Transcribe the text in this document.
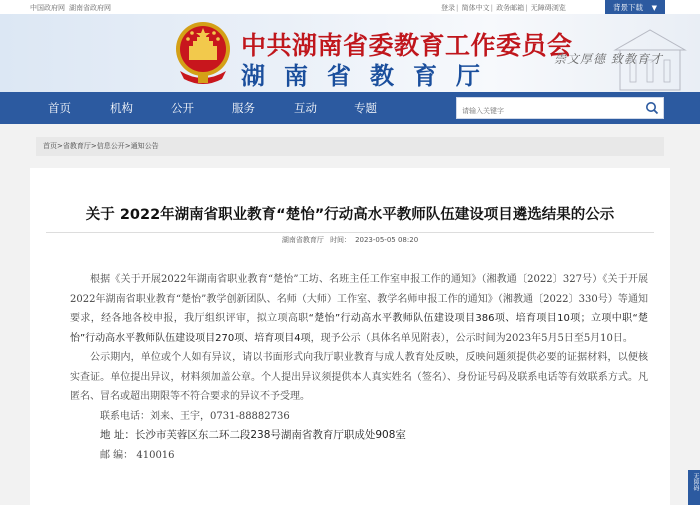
中国政府网 湖南省政府网	登录| 简体中文| 政务邮箱| 无障碍浏览	背景下载 ▼
中共湖南省委教育工作委员会
湖南省教育厅
崇文厚德 致教育才
首页	机构	公开	服务	互动	专题
请输入关键字
首页>省教育厅>信息公开>通知公告
关于 2022年湖南省职业教育“楚怡”行动高水平教师队伍建设项目遴选结果的公示
湖南省教育厅 时间： 2023-05-05 08:20

根据《关于开展2022年湖南省职业教育“楚怡”工坊、名班主任工作室申报工作的通知》（湘教通〔2022〕327号）《关于开展2022年湖南省职业教育“楚怡”教学创新团队、名师（大师）工作室、教学名师申报工作的通知》（湘教通〔2022〕330号）等通知要求，经各地各校申报，我厅组织评审，拟立项高职“楚怡”行动高水平教师队伍建设项目386项、培育项目10项；立项中职“楚怡”行动高水平教师队伍建设项目270项、培育项目4项，现予公示（具体名单见附表），公示时间为2023年5月5日至5月10日。

公示期内，单位或个人如有异议，请以书面形式向我厅职业教育与成人教育处反映，反映问题须提供必要的证据材料，以便核实查证。单位提出异议，材料须加盖公章。个人提出异议须提供本人真实姓名（签名）、身份证号码及联系电话等有效联系方式。凡匿名、冒名或超出期限等不符合要求的异议不予受理。

联系电话：刘来、王宇，0731-88882736

地 址：长沙市芙蓉区东二环二段238号湖南省教育厅职成处908室

邮 编： 410016

无障碍
